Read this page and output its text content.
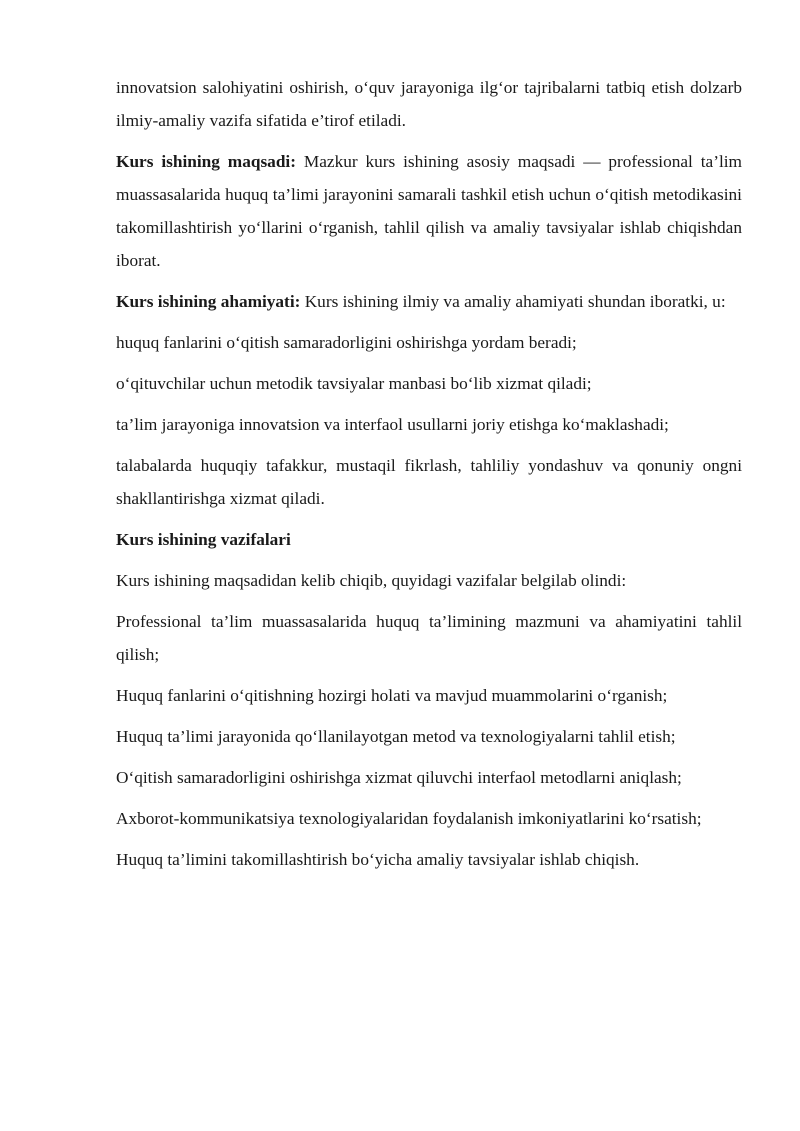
innovatsion salohiyatini oshirish, o‘quv jarayoniga ilg‘or tajribalarni tatbiq etish dolzarb ilmiy-amaliy vazifa sifatida e’tirof etiladi.

Kurs ishining maqsadi: Mazkur kurs ishining asosiy maqsadi — professional ta’lim muassasalarida huquq ta’limi jarayonini samarali tashkil etish uchun o‘qitish metodikasini takomillashtirish yo‘llarini o‘rganish, tahlil qilish va amaliy tavsiyalar ishlab chiqishdan iborat.

Kurs ishining ahamiyati: Kurs ishining ilmiy va amaliy ahamiyati shundan iboratki, u:

huquq fanlarini o‘qitish samaradorligini oshirishga yordam beradi;

o‘qituvchilar uchun metodik tavsiyalar manbasi bo‘lib xizmat qiladi;

ta’lim jarayoniga innovatsion va interfaol usullarni joriy etishga ko‘maklashadi;

talabalarda huquqiy tafakkur, mustaqil fikrlash, tahliliy yondashuv va qonuniy ongni shakllantirishga xizmat qiladi.

Kurs ishining vazifalari

Kurs ishining maqsadidan kelib chiqib, quyidagi vazifalar belgilab olindi:

Professional ta’lim muassasalarida huquq ta’limining mazmuni va ahamiyatini tahlil qilish;

Huquq fanlarini o‘qitishning hozirgi holati va mavjud muammolarini o‘rganish;

Huquq ta’limi jarayonida qo‘llanilayotgan metod va texnologiyalarni tahlil etish;

O‘qitish samaradorligini oshirishga xizmat qiluvchi interfaol metodlarni aniqlash;

Axborot-kommunikatsiya texnologiyalaridan foydalanish imkoniyatlarini ko‘rsatish;

Huquq ta’limini takomillashtirish bo‘yicha amaliy tavsiyalar ishlab chiqish.
